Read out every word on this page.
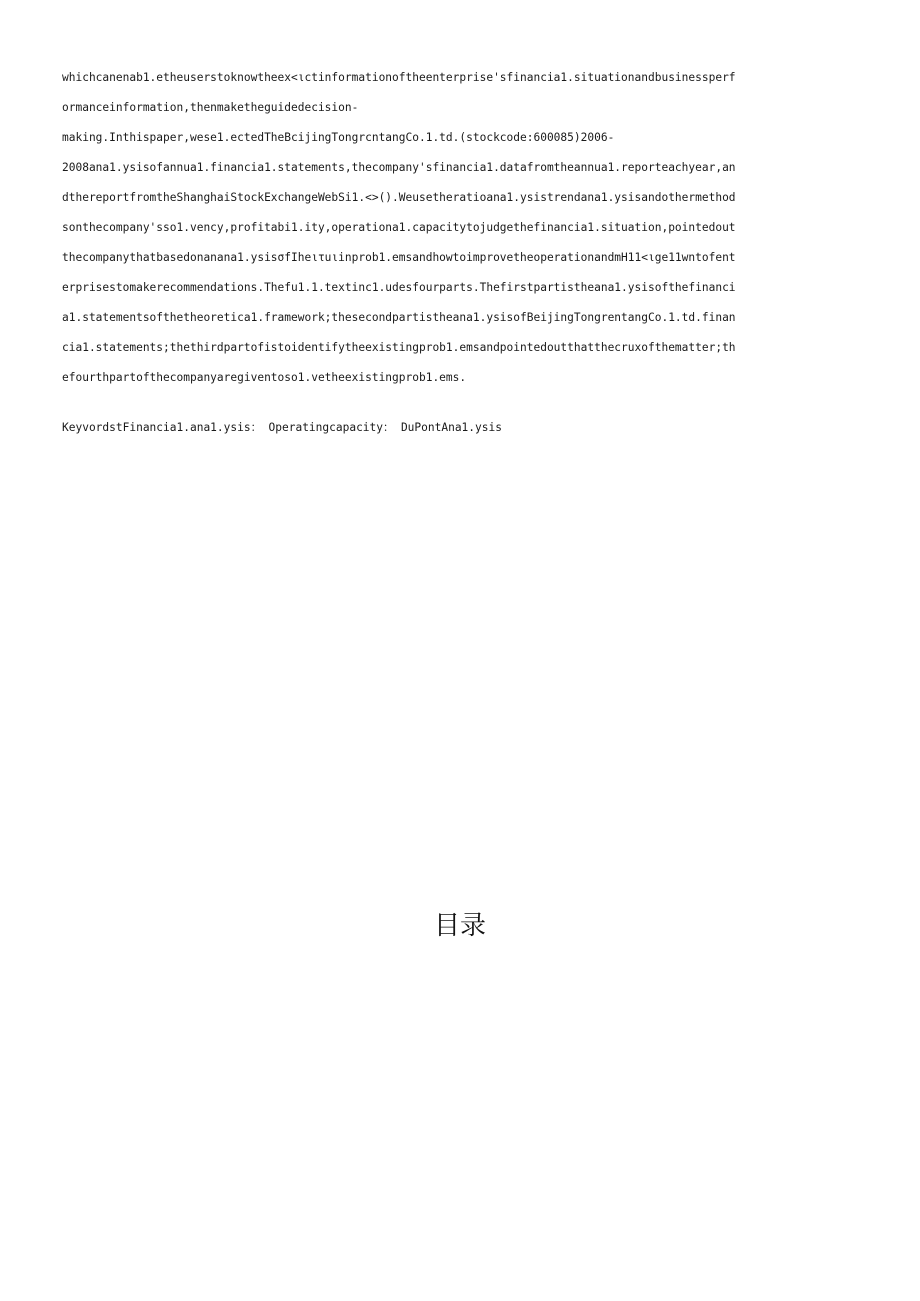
whichcanenab1.etheuserstoknowtheex<ιctinformationoftheenterprise'sfinancia1.situationandbusinessperf
ormanceinformation,thenmaketheguidedecision-
making.Inthispaper,wese1.ectedTheBcijingTongrcntangCo.1.td.(stockcode:600085)2006-
2008ana1.ysisofannua1.financia1.statements,thecompany'sfinancia1.datafromtheannua1.reporteachyear,an
dthereportfromtheShanghaiStockExchangeWebSi1.<>().Weusetheratioana1.ysistrendana1.ysisandothermethod
sonthecompany'sso1.vency,profitabi1.ity,operationa1.capacitytojudgethefinancia1.situation,pointedout
thecompanythatbasedonanana1.ysisσfIheιτuιinprob1.emsandhowtoimprovetheoperationandmH11<ιge11wntofent
erprisestomakerecommendations.Thefu1.1.textinc1.udesfourparts.Thefirstpartistheana1.ysisofthefinanci
a1.statementsofthetheoretica1.framework;thesecondpartistheana1.ysisofBeijingTongrentangCo.1.td.finan
cia1.statements;thethirdpartofistoidentifytheexistingprob1.emsandpointedoutthatthecruxofthematter;th
efourthpartofthecompanyaregiventoso1.vetheexistingprob1.ems.
KeyvordstFinancia1.ana1.ysis： Operatingcapacity： DuPontAna1.ysis
目录
